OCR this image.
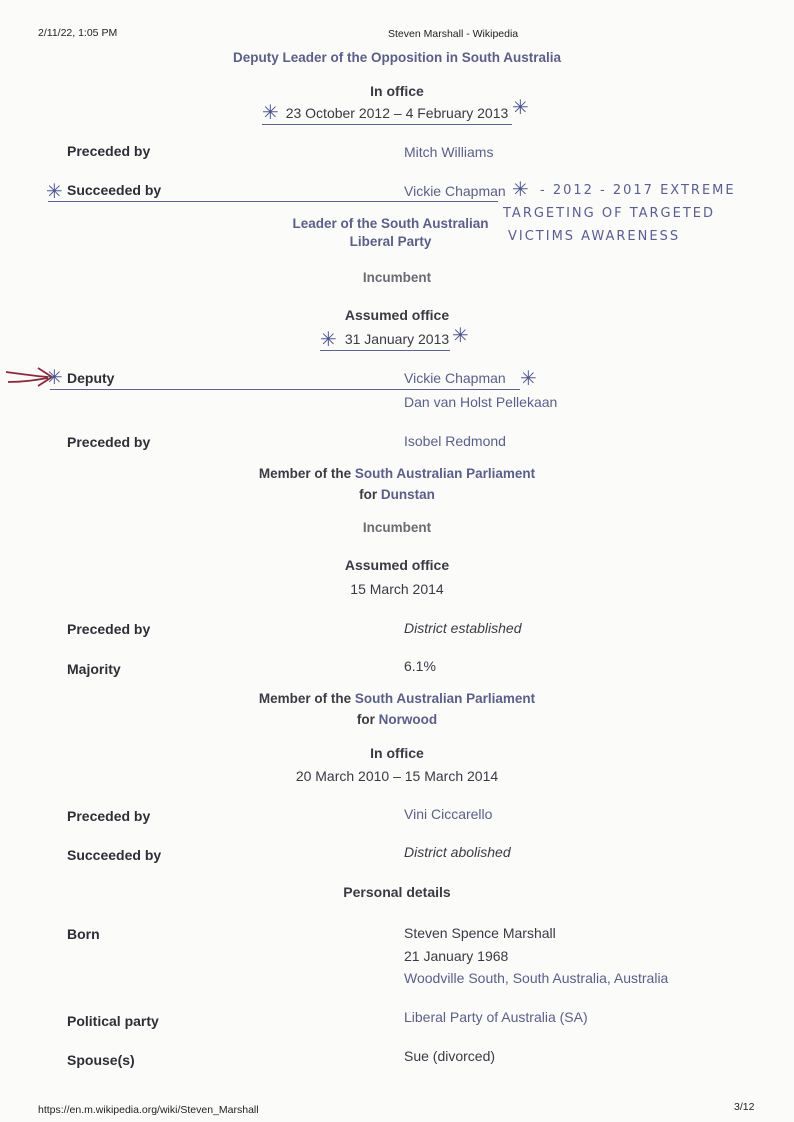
2/11/22, 1:05 PM	Steven Marshall - Wikipedia
Deputy Leader of the Opposition in South Australia
In office
23 October 2012 – 4 February 2013
✳	✳
Preceded by	Mitch Williams
Succeeded by	Vickie Chapman
✳	✳ - 2012 - 2017 EXTREME
TARGETING OF TARGETED
VICTIMS AWARENESS
Leader of the South Australian
Liberal Party
Incumbent
Assumed office
31 January 2013
✳	✳
✳ Deputy	Vickie Chapman
Dan van Holst Pellekaan
✳
Preceded by	Isobel Redmond
Member of the South Australian Parliament
for Dunstan
Incumbent
Assumed office
15 March 2014
Preceded by	District established
Majority	6.1%
Member of the South Australian Parliament
for Norwood
In office
20 March 2010 – 15 March 2014
Preceded by	Vini Ciccarello
Succeeded by	District abolished
Personal details
Born	Steven Spence Marshall
21 January 1968
Woodville South, South Australia, Australia
Political party	Liberal Party of Australia (SA)
Spouse(s)	Sue (divorced)
https://en.m.wikipedia.org/wiki/Steven_Marshall	3/12
